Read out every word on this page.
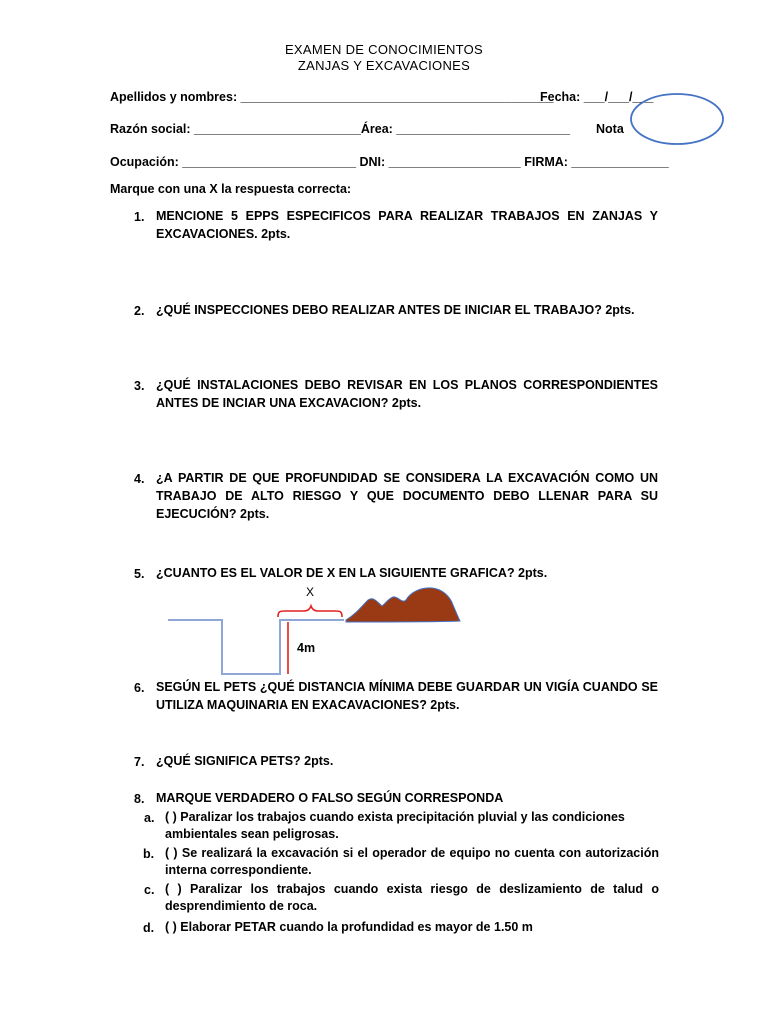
EXAMEN DE CONOCIMIENTOS
ZANJAS Y EXCAVACIONES
Apellidos y nombres: _____________________________________________
Fecha: ___/___/___
Razón social: ________________________Área: _________________________ Nota
Ocupación: _________________________ DNI: ___________________ FIRMA: ______________
Marque con una X la respuesta correcta:
1. MENCIONE 5 EPPS ESPECIFICOS PARA REALIZAR TRABAJOS EN ZANJAS Y EXCAVACIONES. 2pts.
2. ¿QUÉ INSPECCIONES DEBO REALIZAR ANTES DE INICIAR EL TRABAJO? 2pts.
3. ¿QUÉ INSTALACIONES DEBO REVISAR EN LOS PLANOS CORRESPONDIENTES ANTES DE INCIAR UNA EXCAVACION? 2pts.
4. ¿A PARTIR DE QUE PROFUNDIDAD SE CONSIDERA LA EXCAVACIÓN COMO UN TRABAJO DE ALTO RIESGO Y QUE DOCUMENTO DEBO LLENAR PARA SU EJECUCIÓN? 2pts.
5. ¿CUANTO ES EL VALOR DE X EN LA SIGUIENTE GRAFICA? 2pts.
X
4m
6. SEGÚN EL PETS ¿QUÉ DISTANCIA MÍNIMA DEBE GUARDAR UN VIGÍA CUANDO SE UTILIZA MAQUINARIA EN EXACAVACIONES? 2pts.
7. ¿QUÉ SIGNIFICA PETS? 2pts.
8. MARQUE VERDADERO O FALSO SEGÚN CORRESPONDA
a. ( ) Paralizar los trabajos cuando exista precipitación pluvial y las condiciones ambientales sean peligrosas.
b. ( ) Se realizará la excavación si el operador de equipo no cuenta con autorización interna correspondiente.
c. ( ) Paralizar los trabajos cuando exista riesgo de deslizamiento de talud o desprendimiento de roca.
d. ( ) Elaborar PETAR cuando la profundidad es mayor de 1.50 m
